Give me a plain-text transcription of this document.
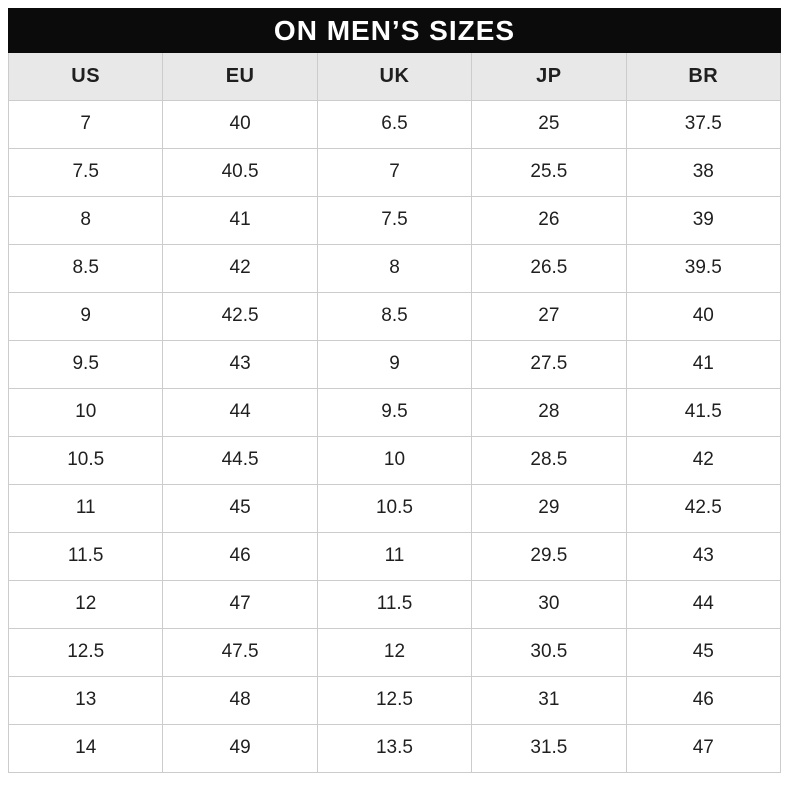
ON MEN’S SIZES
US	EU	UK	JP	BR
7	40	6.5	25	37.5
7.5	40.5	7	25.5	38
8	41	7.5	26	39
8.5	42	8	26.5	39.5
9	42.5	8.5	27	40
9.5	43	9	27.5	41
10	44	9.5	28	41.5
10.5	44.5	10	28.5	42
11	45	10.5	29	42.5
11.5	46	11	29.5	43
12	47	11.5	30	44
12.5	47.5	12	30.5	45
13	48	12.5	31	46
14	49	13.5	31.5	47
